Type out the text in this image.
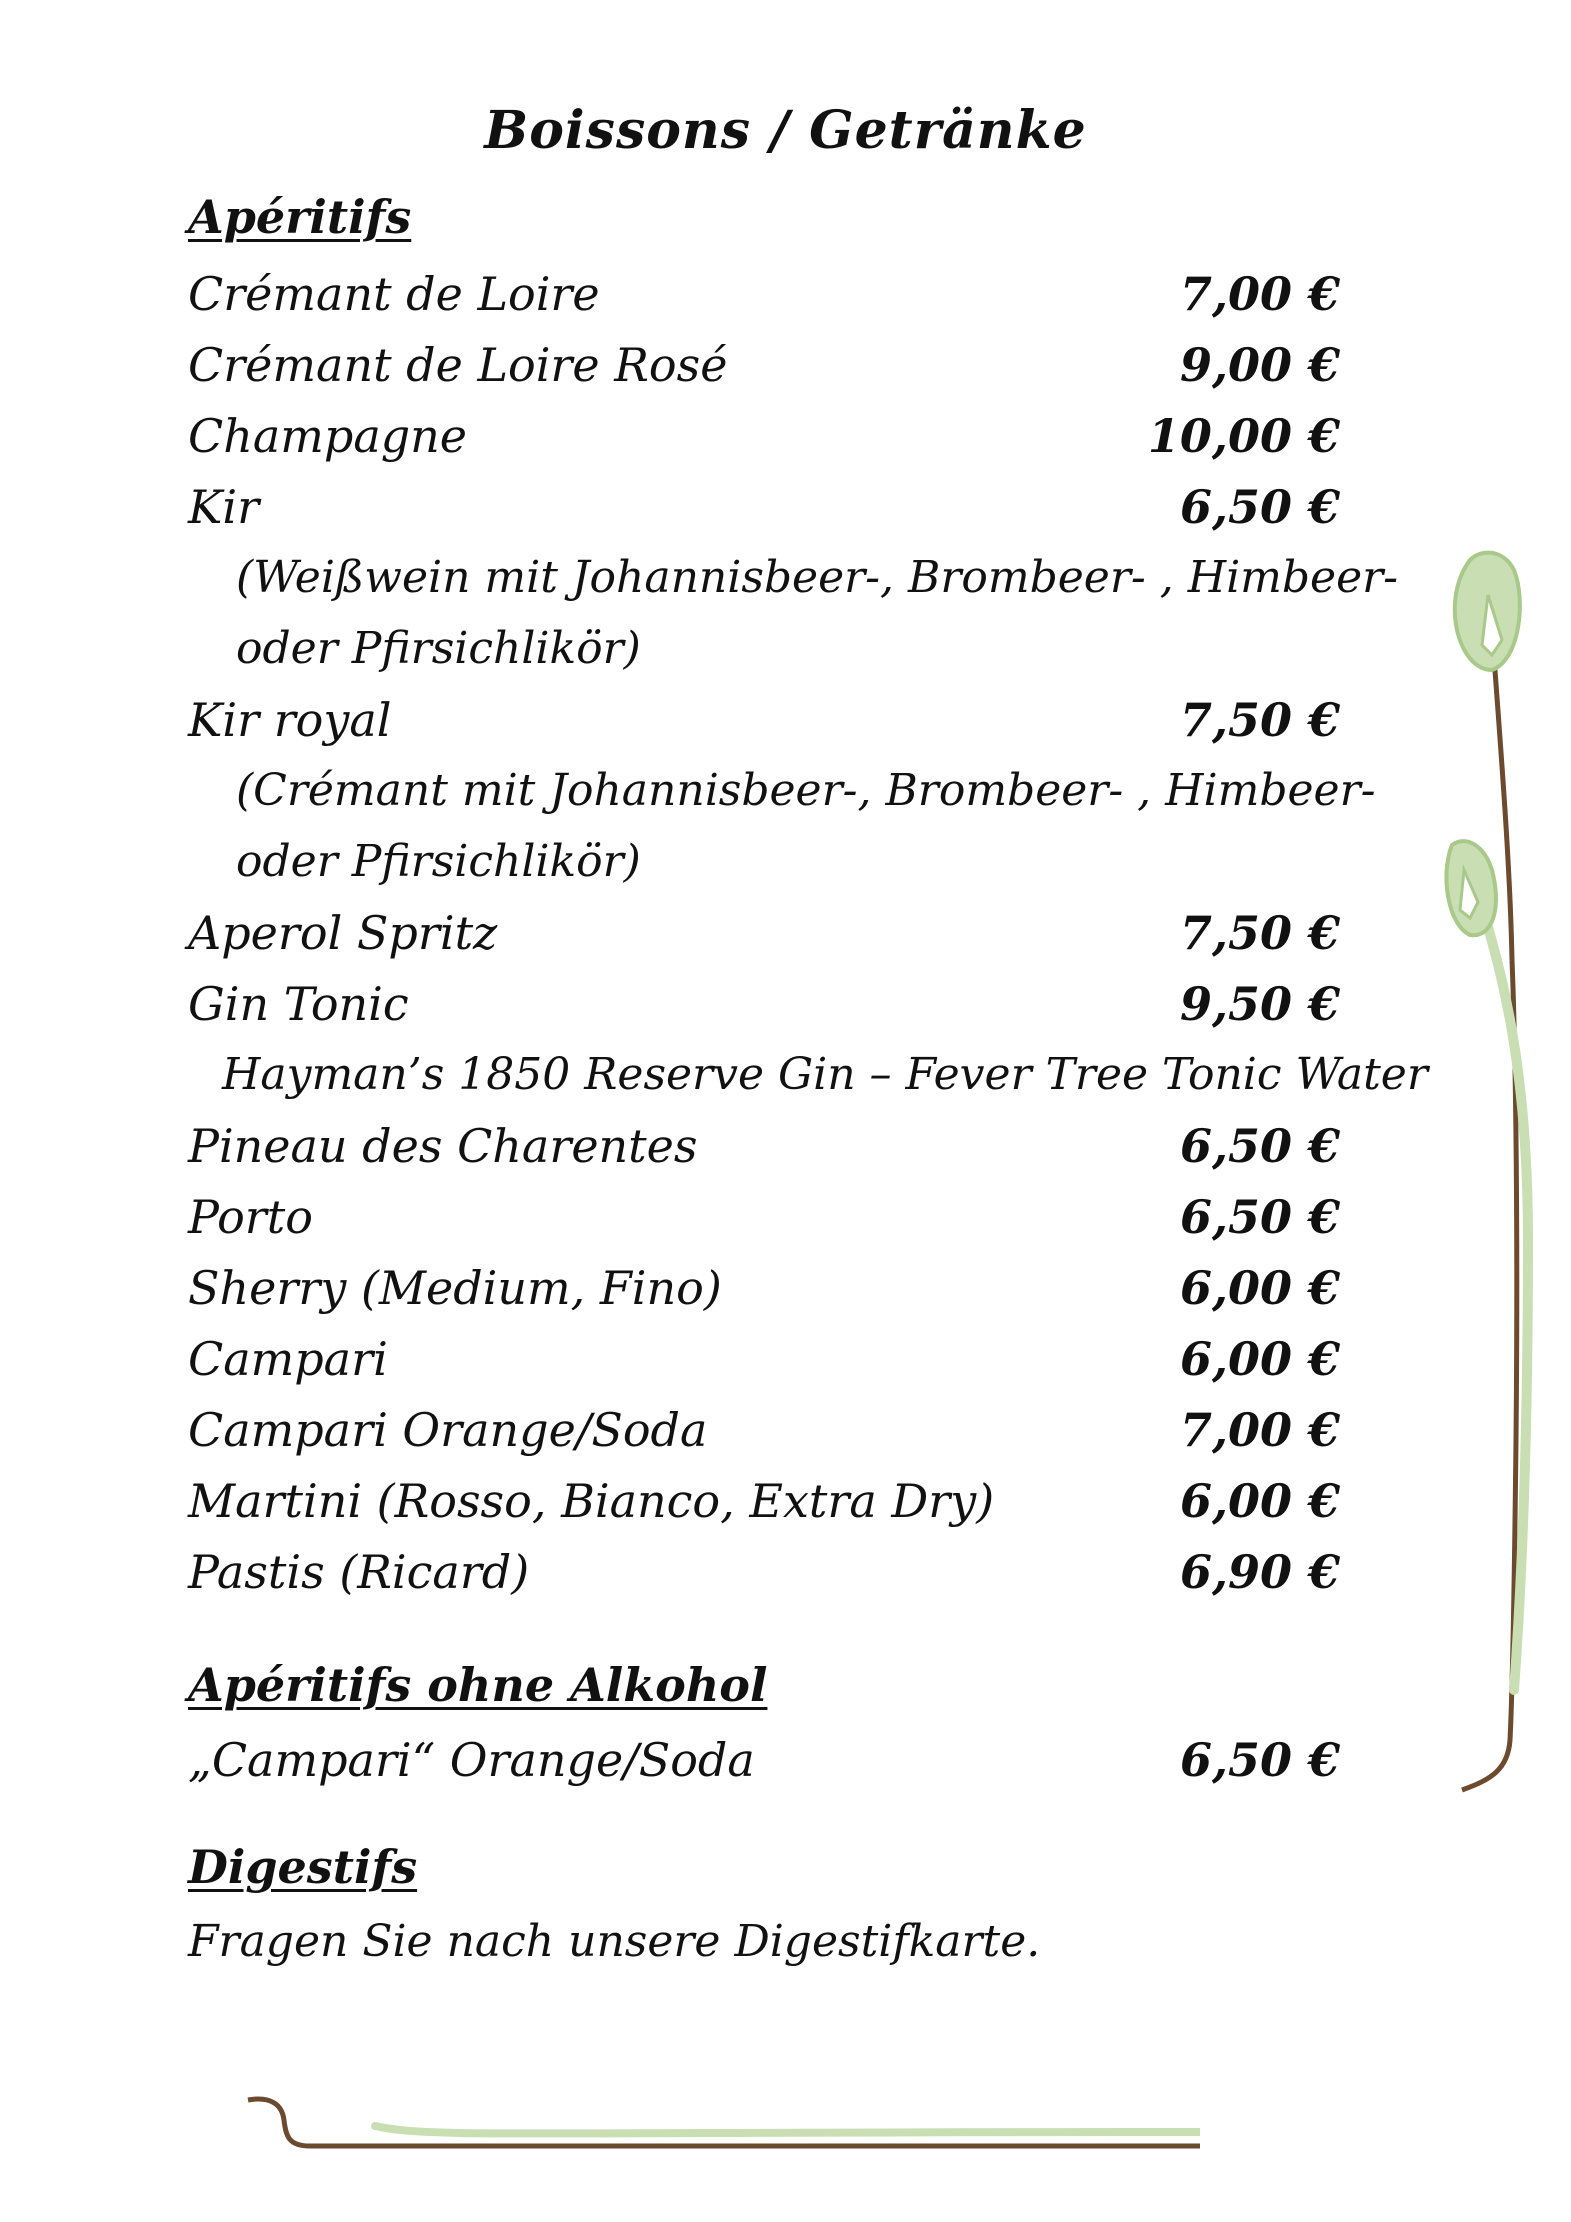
Boissons / Getränke
Apéritifs
Crémant de Loire	7,00 €
Crémant de Loire Rosé	9,00 €
Champagne	10,00 €
Kir	6,50 €
(Weißwein mit Johannisbeer-, Brombeer- , Himbeer-
oder Pfirsichlikör)
Kir royal	7,50 €
(Crémant mit Johannisbeer-, Brombeer- , Himbeer-
oder Pfirsichlikör)
Aperol Spritz	7,50 €
Gin Tonic	9,50 €
Hayman’s 1850 Reserve Gin – Fever Tree Tonic Water
Pineau des Charentes	6,50 €
Porto	6,50 €
Sherry (Medium, Fino)	6,00 €
Campari	6,00 €
Campari Orange/Soda	7,00 €
Martini (Rosso, Bianco, Extra Dry)	6,00 €
Pastis (Ricard)	6,90 €
Apéritifs ohne Alkohol
„Campari“ Orange/Soda	6,50 €
Digestifs
Fragen Sie nach unsere Digestifkarte.
